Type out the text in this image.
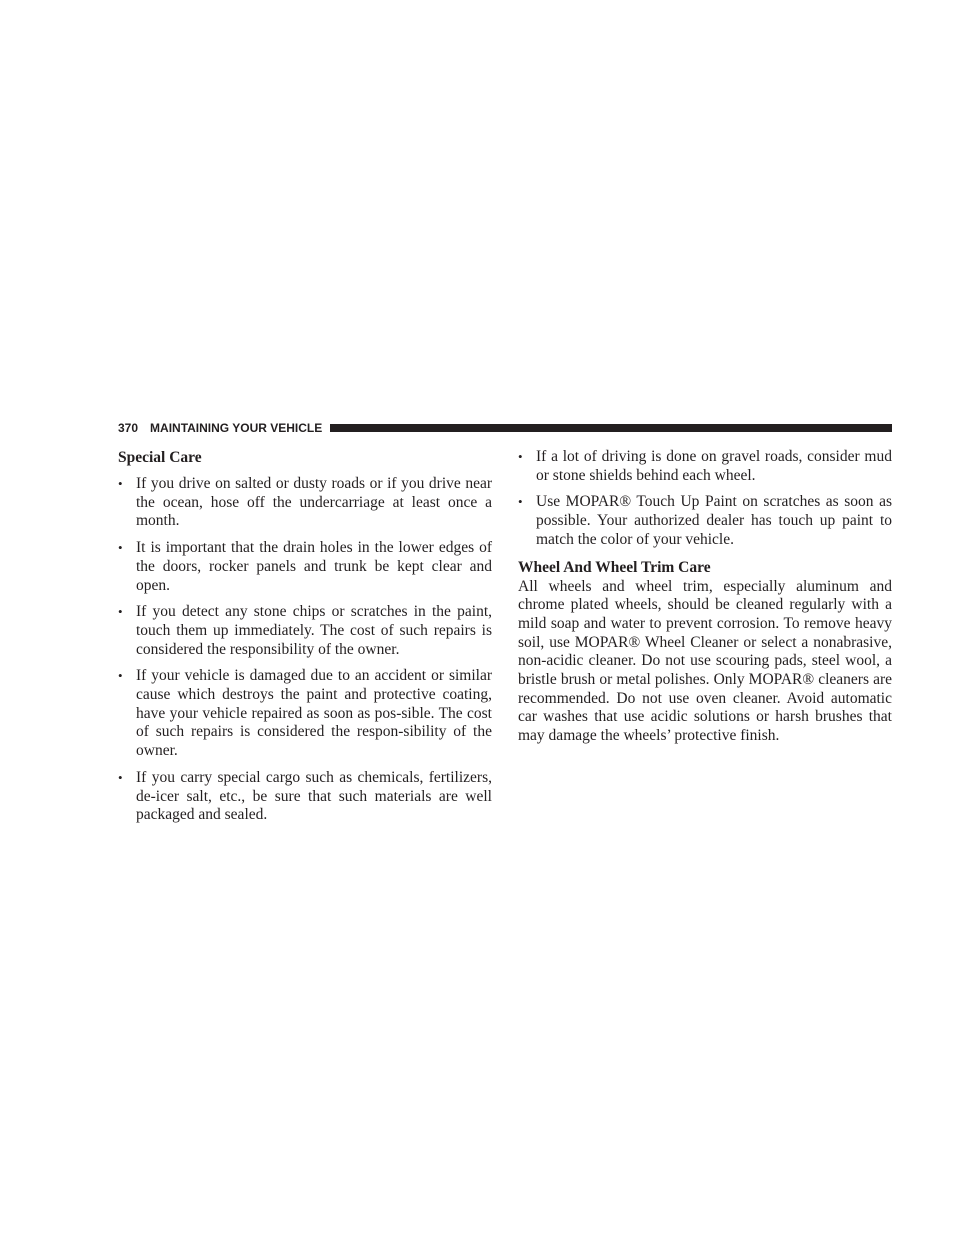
370 MAINTAINING YOUR VEHICLE
Special Care
• If you drive on salted or dusty roads or if you drive near the ocean, hose off the undercarriage at least once a month.
• It is important that the drain holes in the lower edges of the doors, rocker panels and trunk be kept clear and open.
• If you detect any stone chips or scratches in the paint, touch them up immediately. The cost of such repairs is considered the responsibility of the owner.
• If your vehicle is damaged due to an accident or similar cause which destroys the paint and protective coating, have your vehicle repaired as soon as pos-sible. The cost of such repairs is considered the respon-sibility of the owner.
• If you carry special cargo such as chemicals, fertilizers, de-icer salt, etc., be sure that such materials are well packaged and sealed.
• If a lot of driving is done on gravel roads, consider mud or stone shields behind each wheel.
• Use MOPAR® Touch Up Paint on scratches as soon as possible. Your authorized dealer has touch up paint to match the color of your vehicle.
Wheel And Wheel Trim Care

All wheels and wheel trim, especially aluminum and chrome plated wheels, should be cleaned regularly with a mild soap and water to prevent corrosion. To remove heavy soil, use MOPAR® Wheel Cleaner or select a nonabrasive, non-acidic cleaner. Do not use scouring pads, steel wool, a bristle brush or metal polishes. Only MOPAR® cleaners are recommended. Do not use oven cleaner. Avoid automatic car washes that use acidic solutions or harsh brushes that may damage the wheels’ protective finish.
